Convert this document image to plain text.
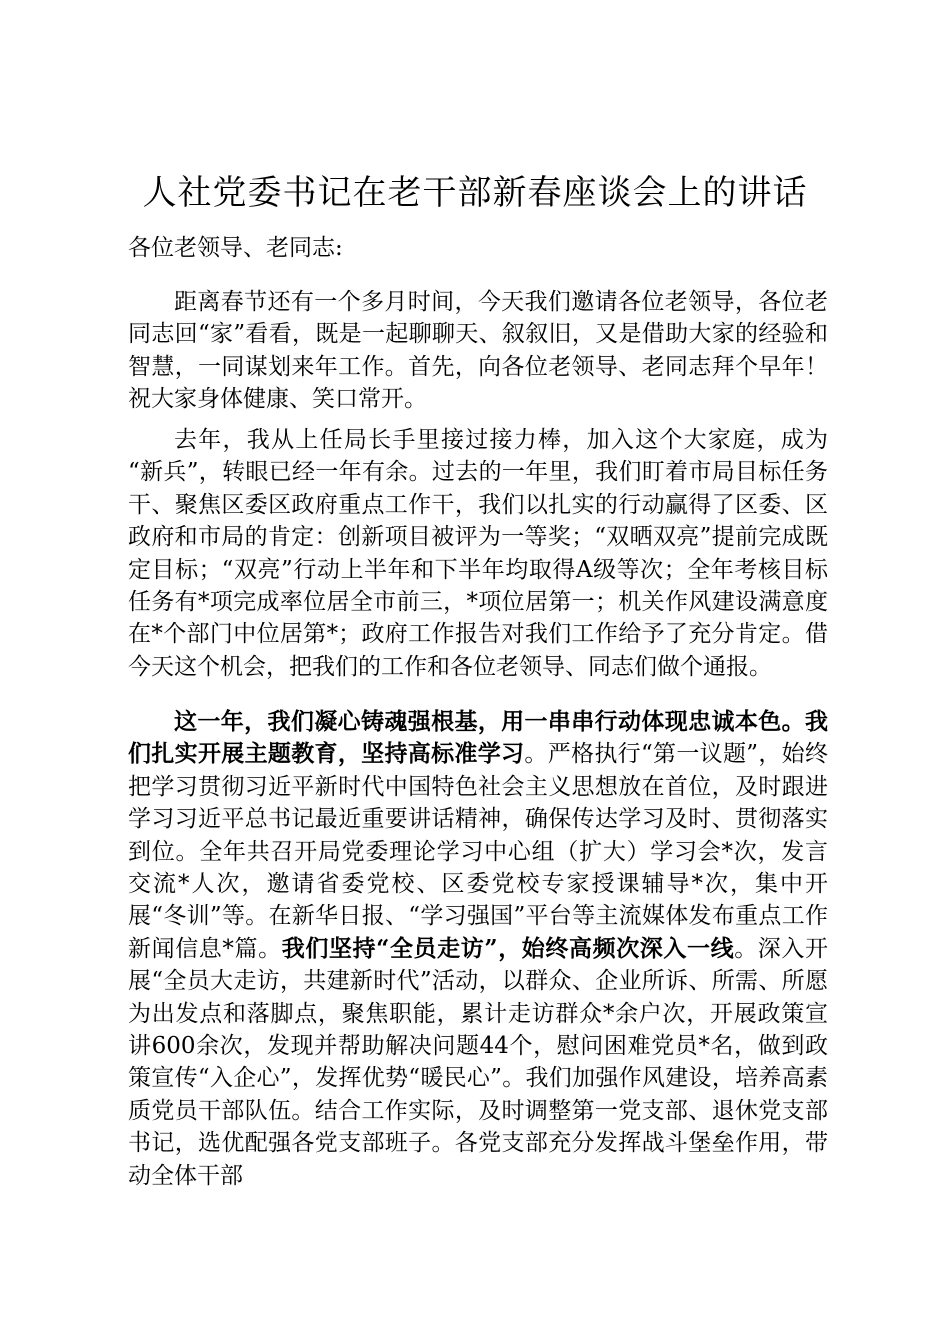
人社党委书记在老干部新春座谈会上的讲话

各位老领导、老同志:

距离春节还有一个多月时间，今天我们邀请各位老领导，各位老同志回“家”看看，既是一起聊聊天、叙叙旧，又是借助大家的经验和智慧，一同谋划来年工作。首先，向各位老领导、老同志拜个早年！祝大家身体健康、笑口常开。

去年，我从上任局长手里接过接力棒，加入这个大家庭，成为 “新兵”，转眼已经一年有余。过去的一年里，我们盯着市局目标任务干、聚焦区委区政府重点工作干，我们以扎实的行动赢得了区委、区政府和市局的肯定：创新项目被评为一等奖；“双晒双亮”提前完成既定目标；“双亮”行动上半年和下半年均取得A级等次；全年考核目标任务有*项完成率位居全市前三，*项位居第一；机关作风建设满意度在*个部门中位居第*；政府工作报告对我们工作给予了充分肯定。借今天这个机会，把我们的工作和各位老领导、同志们做个通报。

这一年，我们凝心铸魂强根基，用一串串行动体现忠诚本色。我们扎实开展主题教育，坚持高标准学习。严格执行“第一议题”，始终把学习贯彻习近平新时代中国特色社会主义思想放在首位，及时跟进学习习近平总书记最近重要讲话精神，确保传达学习及时、贯彻落实到位。全年共召开局党委理论学习中心组（扩大）学习会*次，发言交流*人次，邀请省委党校、区委党校专家授课辅导*次，集中开展“冬训”等。在新华日报、“学习强国”平台等主流媒体发布重点工作新闻信息*篇。我们坚持“全员走访”，始终高频次深入一线。深入开展“全员大走访，共建新时代”活动，以群众、企业所诉、所需、所愿为出发点和落脚点，聚焦职能，累计走访群众*余户次，开展政策宣讲600余次，发现并帮助解决问题44个，慰问困难党员*名，做到政策宣传“入企心”，发挥优势“暖民心”。我们加强作风建设，培养高素质党员干部队伍。结合工作实际，及时调整第一党支部、退休党支部书记，选优配强各党支部班子。各党支部充分发挥战斗堡垒作用，带动全体干部
